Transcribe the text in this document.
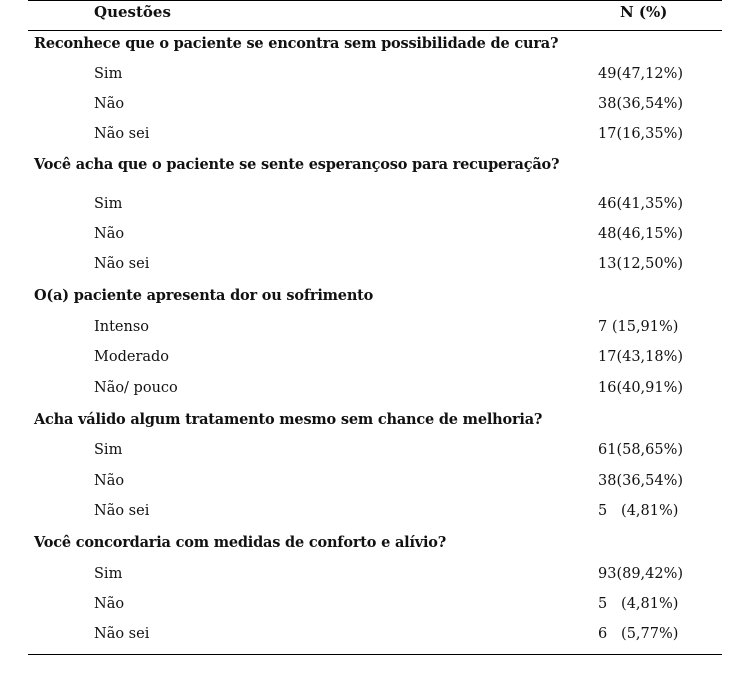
Questões	N (%)
Reconhece que o paciente se encontra sem possibilidade de cura?
Sim	49(47,12%)
Não	38(36,54%)
Não sei	17(16,35%)
Você acha que o paciente se sente esperançoso para recuperação?
Sim	46(41,35%)
Não	48(46,15%)
Não sei	13(12,50%)
O(a) paciente apresenta dor ou sofrimento
Intenso	7 (15,91%)
Moderado	17(43,18%)
Não/ pouco	16(40,91%)
Acha válido algum tratamento mesmo sem chance de melhoria?
Sim	61(58,65%)
Não	38(36,54%)
Não sei	5   (4,81%)
Você concordaria com medidas de conforto e alívio?
Sim	93(89,42%)
Não	5   (4,81%)
Não sei	6   (5,77%)
